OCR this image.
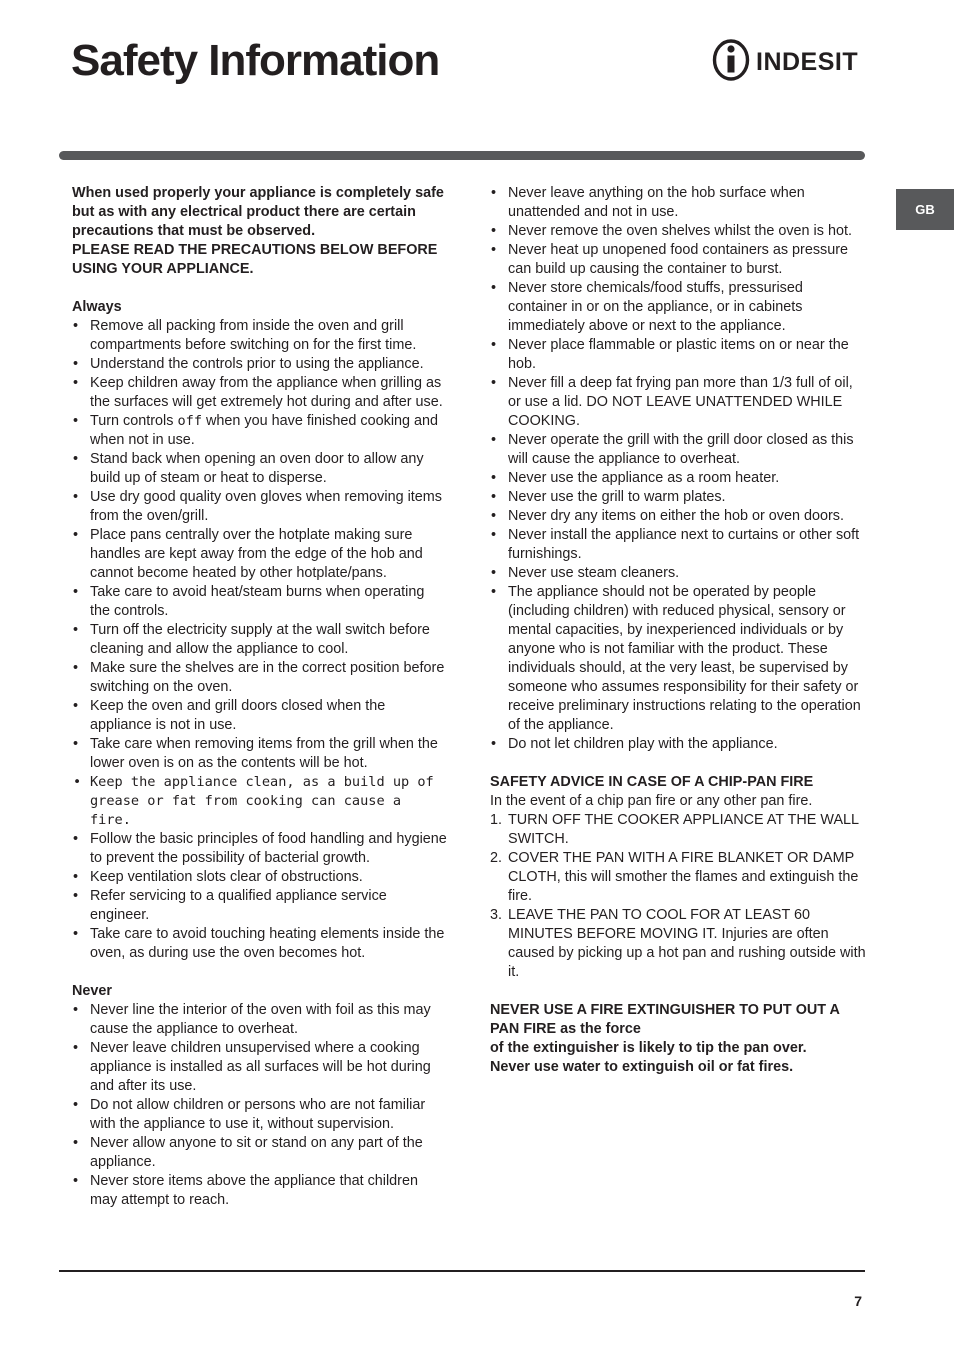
Safety Information	INDESIT
GB
When used properly your appliance is completely safe but as with any electrical product there are certain precautions that must be observed.
PLEASE READ THE PRECAUTIONS BELOW BEFORE USING YOUR APPLIANCE.
Always
• Remove all packing from inside the oven and grill compartments before switching on for the first time.
• Understand the controls prior to using the appliance.
• Keep children away from the appliance when grilling as the surfaces will get extremely hot during and after use.
• Turn controls off when you have finished cooking and when not in use.
• Stand back when opening an oven door to allow any build up of steam or heat to disperse.
• Use dry good quality oven gloves when removing items from the oven/grill.
• Place pans centrally over the hotplate making sure handles are kept away from the edge of the hob and cannot become heated by other hotplate/pans.
• Take care to avoid heat/steam burns when operating the controls.
• Turn off the electricity supply at the wall switch before cleaning and allow the appliance to cool.
• Make sure the shelves are in the correct position before switching on the oven.
• Keep the oven and grill doors closed when the appliance is not in use.
• Take care when removing items from the grill when the lower oven is on as the contents will be hot.
• Keep the appliance clean, as a build up of grease or fat from cooking can cause a fire.
• Follow the basic principles of food handling and hygiene to prevent the possibility of bacterial growth.
• Keep ventilation slots clear of obstructions.
• Refer servicing to a qualified appliance service engineer.
• Take care to avoid touching heating elements inside the oven, as during use the oven becomes hot.
Never
• Never line the interior of the oven with foil as this may cause the appliance to overheat.
• Never leave children unsupervised where a cooking appliance is installed as all surfaces will be hot during and after its use.
• Do not allow children or persons who are not familiar with the appliance to use it, without supervision.
• Never allow anyone to sit or stand on any part of the appliance.
• Never store items above the appliance that children may attempt to reach.
• Never leave anything on the hob surface when unattended and not in use.
• Never remove the oven shelves whilst the oven is hot.
• Never heat up unopened food containers as pressure can build up causing the container to burst.
• Never store chemicals/food stuffs, pressurised container in or on the appliance, or in cabinets immediately above or next to the appliance.
• Never place flammable or plastic items on or near the hob.
• Never fill a deep fat frying pan more than 1/3 full of oil, or use a lid. DO NOT LEAVE UNATTENDED WHILE COOKING.
• Never operate the grill with the grill door closed as this will cause the appliance to overheat.
• Never use the appliance as a room heater.
• Never use the grill to warm plates.
• Never dry any items on either the hob or oven doors.
• Never install the appliance next to curtains or other soft furnishings.
• Never use steam cleaners.
• The appliance should not be operated by people (including children) with reduced physical, sensory or mental capacities, by inexperienced individuals or by anyone who is not familiar with the product. These individuals should, at the very least, be supervised by someone who assumes responsibility for their safety or receive preliminary instructions relating to the operation of the appliance.
• Do not let children play with the appliance.
SAFETY ADVICE IN CASE OF A CHIP-PAN FIRE
In the event of a chip pan fire or any other pan fire.
1. TURN OFF THE COOKER APPLIANCE AT THE WALL SWITCH.
2. COVER THE PAN WITH A FIRE BLANKET OR DAMP CLOTH, this will smother the flames and extinguish the fire.
3. LEAVE THE PAN TO COOL FOR AT LEAST 60 MINUTES BEFORE MOVING IT. Injuries are often caused by picking up a hot pan and rushing outside with it.
NEVER USE A FIRE EXTINGUISHER TO PUT OUT A PAN FIRE as the force
of the extinguisher is likely to tip the pan over.
Never use water to extinguish oil or fat fires.
7
